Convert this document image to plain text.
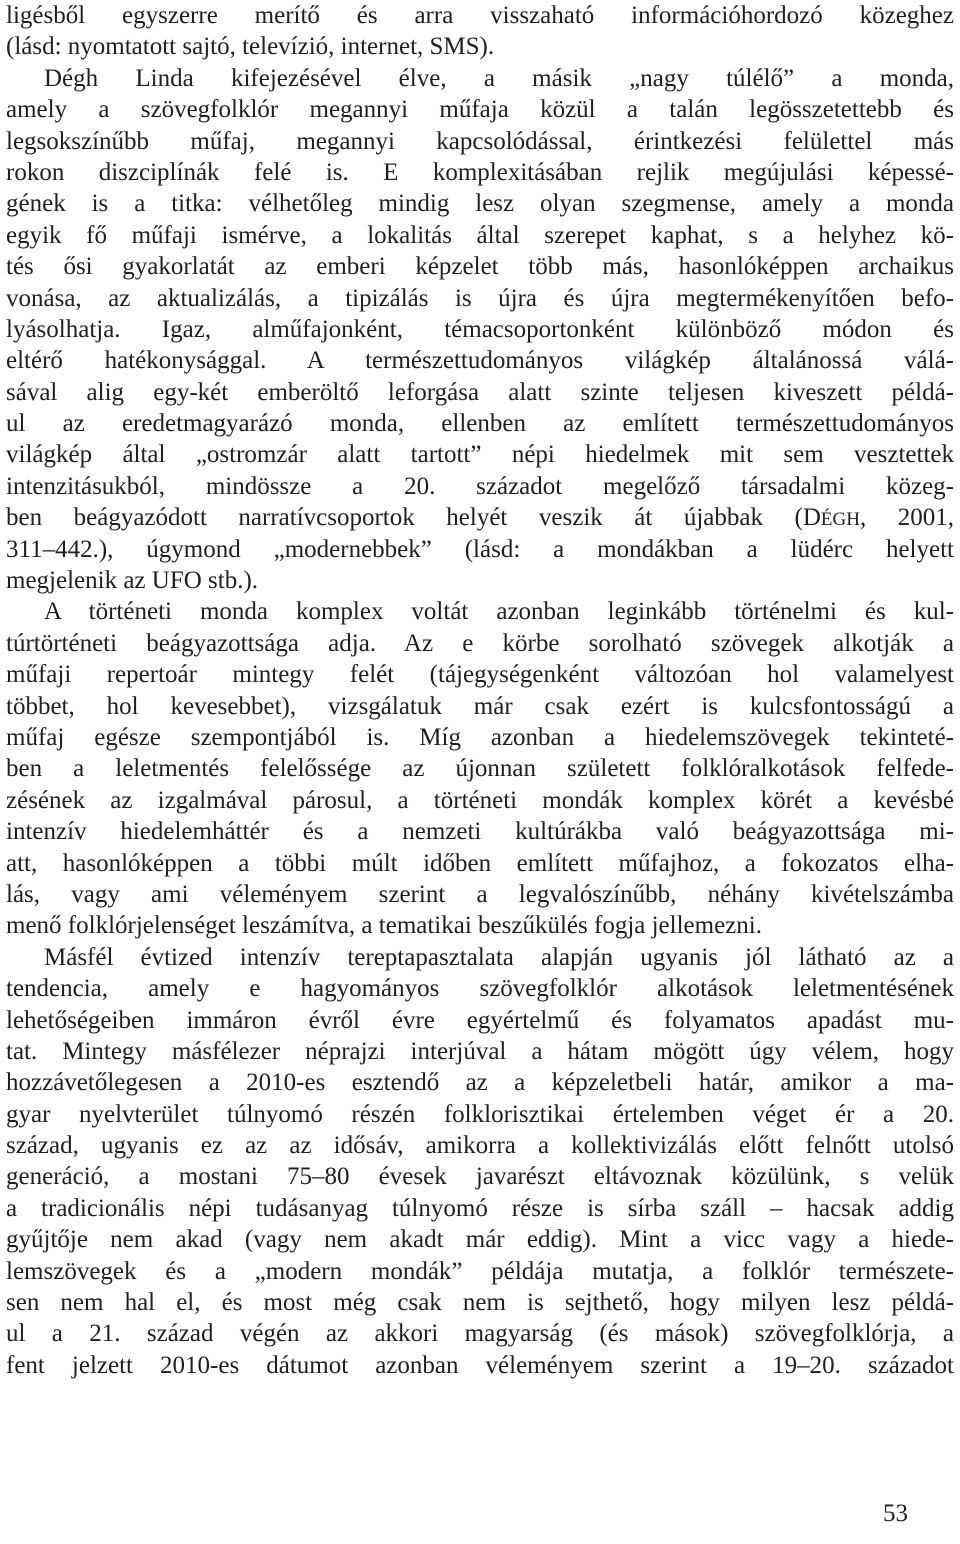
ligésből egyszerre merítő és arra visszaható információhordozó közeghez
(lásd: nyomtatott sajtó, televízió, internet, SMS).
Dégh Linda kifejezésével élve, a másik „nagy túlélő” a monda,
amely a szövegfolklór megannyi műfaja közül a talán legösszetettebb és
legsokszínűbb műfaj, megannyi kapcsolódással, érintkezési felülettel más
rokon diszciplínák felé is. E komplexitásában rejlik megújulási képessé-
gének is a titka: vélhetőleg mindig lesz olyan szegmense, amely a monda
egyik fő műfaji ismérve, a lokalitás által szerepet kaphat, s a helyhez kö-
tés ősi gyakorlatát az emberi képzelet több más, hasonlóképpen archaikus
vonása, az aktualizálás, a tipizálás is újra és újra megtermékenyítően befo-
lyásolhatja. Igaz, alműfajonként, témacsoportonként különböző módon és
eltérő hatékonysággal. A természettudományos világkép általánossá válá-
sával alig egy-két emberöltő leforgása alatt szinte teljesen kiveszett példá-
ul az eredetmagyarázó monda, ellenben az említett természettudományos
világkép által „ostromzár alatt tartott” népi hiedelmek mit sem vesztettek
intenzitásukból, mindössze a 20. századot megelőző társadalmi közeg-
ben beágyazódott narratívcsoportok helyét veszik át újabbak (DÉGH, 2001,
311–442.), úgymond „modernebbek” (lásd: a mondákban a lüdérc helyett
megjelenik az UFO stb.).
A történeti monda komplex voltát azonban leginkább történelmi és kul-
túrtörténeti beágyazottsága adja. Az e körbe sorolható szövegek alkotják a
műfaji repertoár mintegy felét (tájegységenként változóan hol valamelyest
többet, hol kevesebbet), vizsgálatuk már csak ezért is kulcsfontosságú a
műfaj egésze szempontjából is. Míg azonban a hiedelemszövegek tekinteté-
ben a leletmentés felelőssége az újonnan született folklóralkotások felfede-
zésének az izgalmával párosul, a történeti mondák komplex körét a kevésbé
intenzív hiedelemháttér és a nemzeti kultúrákba való beágyazottsága mi-
att, hasonlóképpen a többi múlt időben említett műfajhoz, a fokozatos elha-
lás, vagy ami véleményem szerint a legvalószínűbb, néhány kivételszámba
menő folklórjelenséget leszámítva, a tematikai beszűkülés fogja jellemezni.
Másfél évtized intenzív tereptapasztalata alapján ugyanis jól látható az a
tendencia, amely e hagyományos szövegfolklór alkotások leletmentésének
lehetőségeiben immáron évről évre egyértelmű és folyamatos apadást mu-
tat. Mintegy másfélezer néprajzi interjúval a hátam mögött úgy vélem, hogy
hozzávetőlegesen a 2010-es esztendő az a képzeletbeli határ, amikor a ma-
gyar nyelvterület túlnyomó részén folklorisztikai értelemben véget ér a 20.
század, ugyanis ez az az idősáv, amikorra a kollektivizálás előtt felnőtt utolsó
generáció, a mostani 75–80 évesek javarészt eltávoznak közülünk, s velük
a tradicionális népi tudásanyag túlnyomó része is sírba száll – hacsak addig
gyűjtője nem akad (vagy nem akadt már eddig). Mint a vicc vagy a hiede-
lemszövegek és a „modern mondák” példája mutatja, a folklór természete-
sen nem hal el, és most még csak nem is sejthető, hogy milyen lesz példá-
ul a 21. század végén az akkori magyarság (és mások) szövegfolklórja, a
fent jelzett 2010-es dátumot azonban véleményem szerint a 19–20. századot
53
